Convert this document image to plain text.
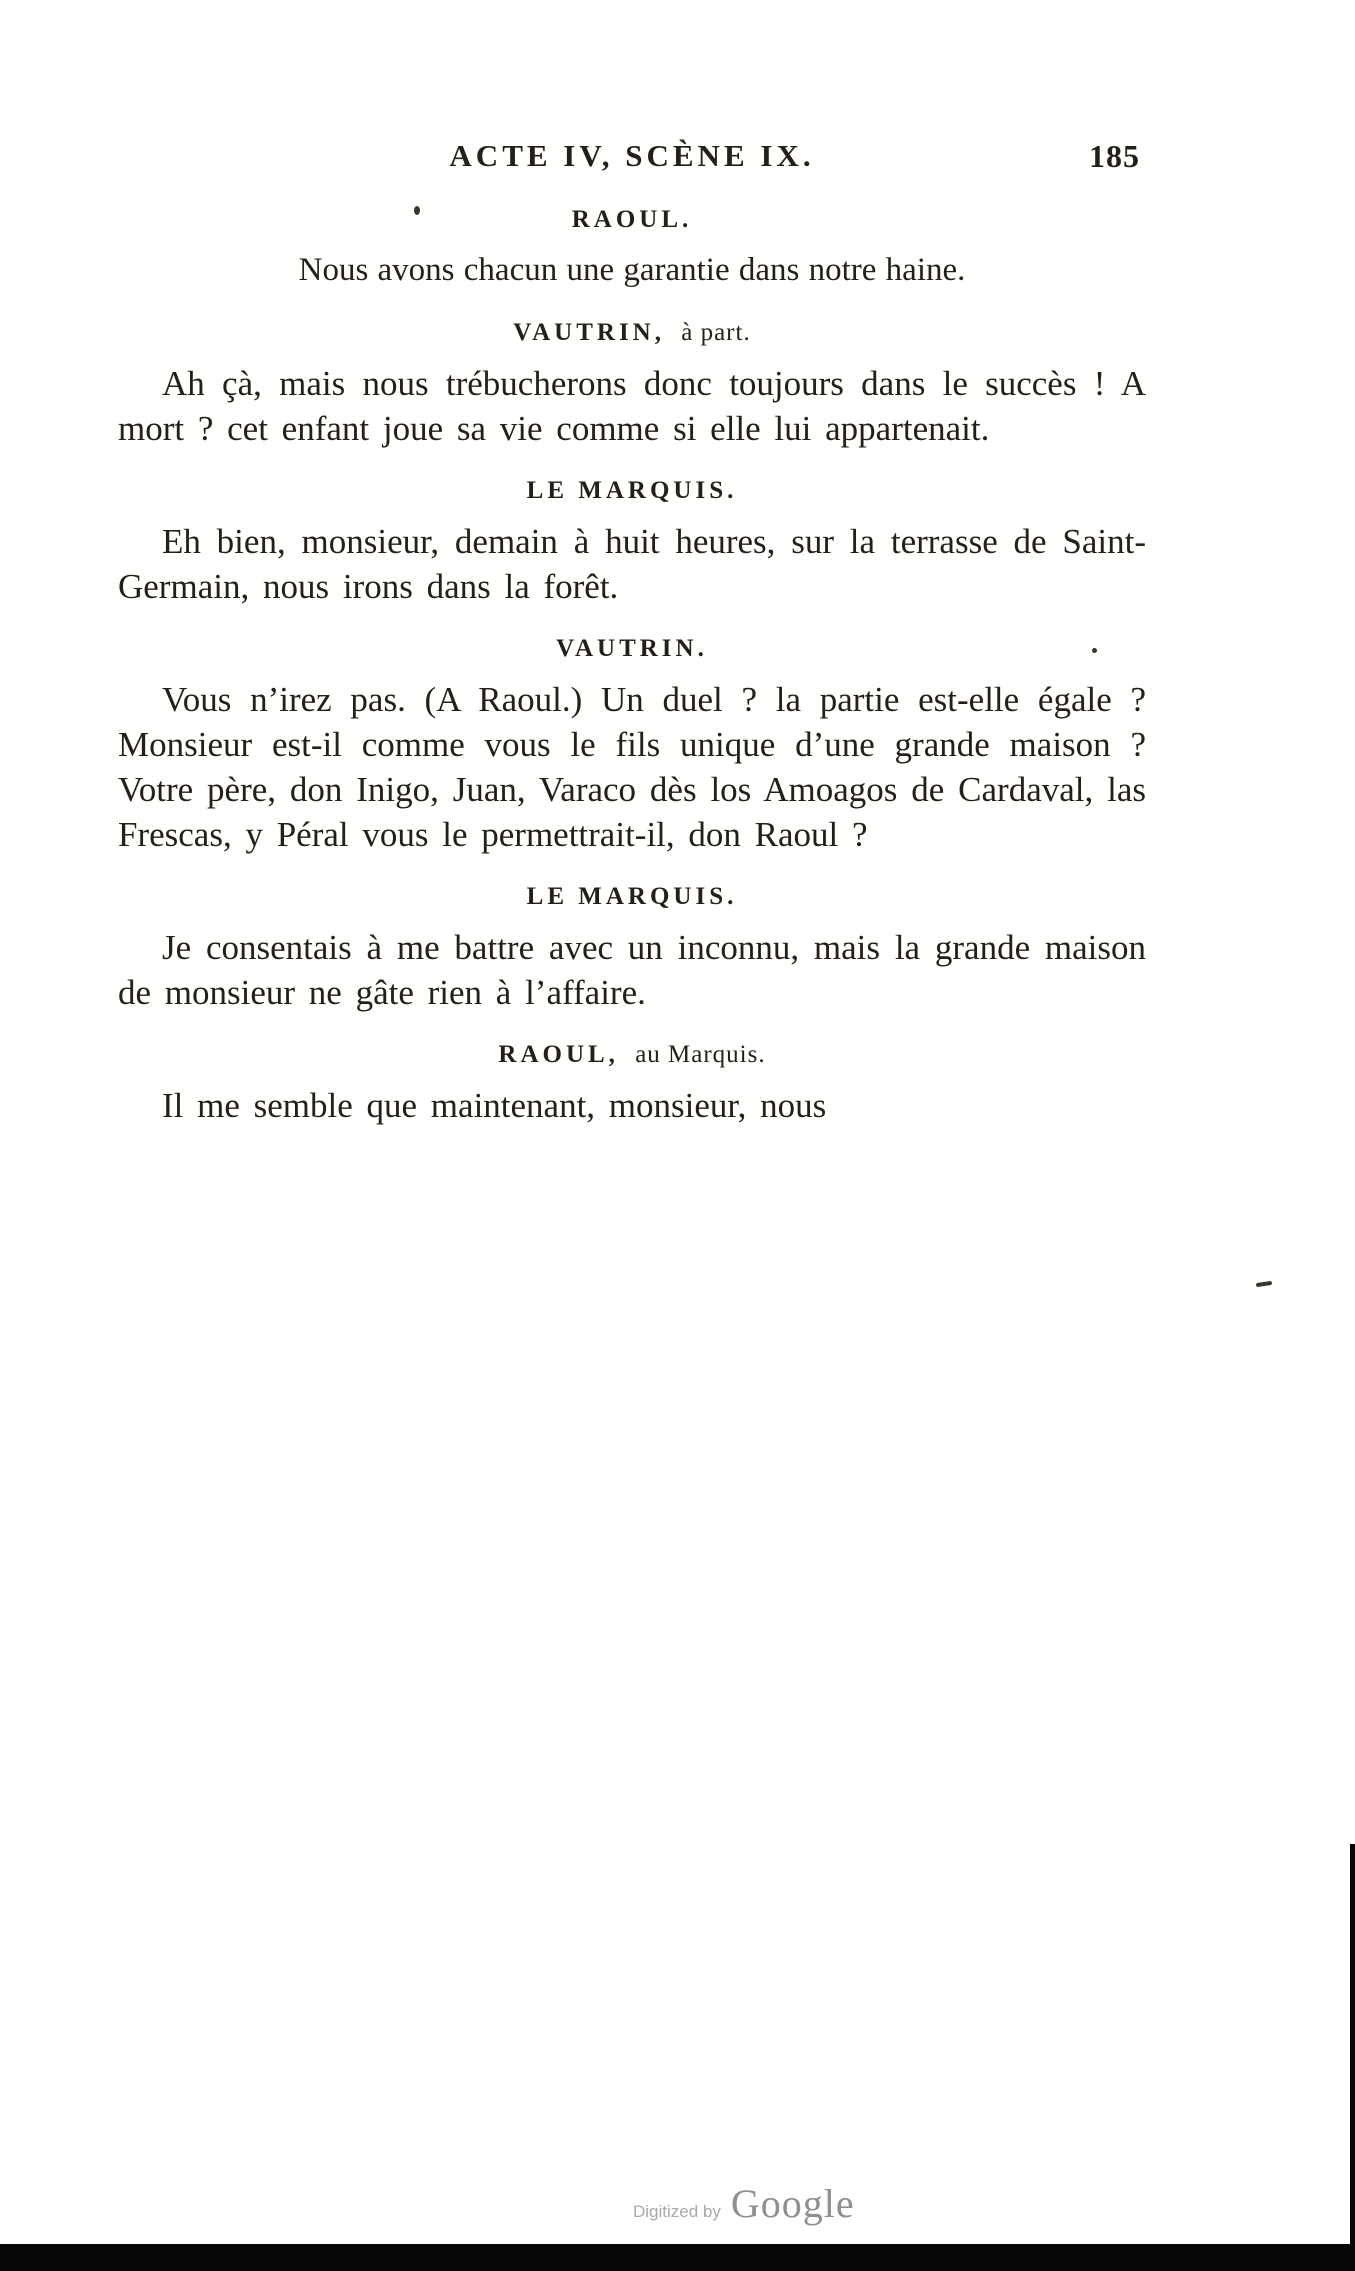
ACTE IV, SCÈNE IX.	185
RAOUL.

Nous avons chacun une garantie dans notre haine.

VAUTRIN, à part.

Ah çà, mais nous trébucherons donc toujours dans le succès ! A mort ? cet enfant joue sa vie comme si elle lui appartenait.

LE MARQUIS.

Eh bien, monsieur, demain à huit heures, sur la terrasse de Saint-Germain, nous irons dans la forêt.

VAUTRIN.

Vous n’irez pas. (A Raoul.) Un duel ? la partie est-elle égale ? Monsieur est-il comme vous le fils unique d’une grande maison ? Votre père, don Inigo, Juan, Varaco dès los Amoagos de Cardaval, las Frescas, y Péral vous le permettrait-il, don Raoul ?

LE MARQUIS.

Je consentais à me battre avec un inconnu, mais la grande maison de monsieur ne gâte rien à l’affaire.

RAOUL, au Marquis.

Il me semble que maintenant, monsieur, nous

Digitized by Google
